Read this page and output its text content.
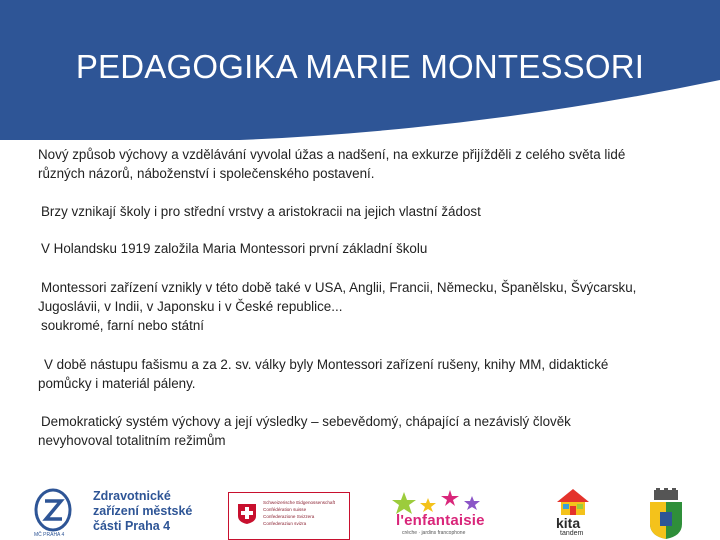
PEDAGOGIKA MARIE MONTESSORI
Nový způsob výchovy a vzdělávání vyvolal úžas a nadšení, na exkurze přijížděli z celého světa lidé
různých názorů, náboženství i společenského postavení.
Brzy vznikají školy i pro střední vrstvy a aristokracii na jejich vlastní žádost
V Holandsku 1919 založila Maria Montessori první základní školu
Montessori zařízení vznikly v této době také v USA, Anglii, Francii, Německu, Španělsku, Švýcarsku,
Jugoslávii, v Indii, v Japonsku i v České republice...
soukromé, farní nebo státní
V době nástupu fašismu a za 2. sv. války byly Montessori zařízení rušeny, knihy MM, didaktické
pomůcky i materiál páleny.
Demokratický systém výchovy a její výsledky – sebevědomý, chápající a nezávislý člověk
nevyhovoval totalitním režimům
MČ PRAHA 4
Zdravotnické
zařízení městské
části Praha 4
Schweizerische Eidgenossenschaft
Confédération suisse
Confederazione Svizzera
Confederaziun svizra	l'enfantaisie
crèche · jardins francophone
kita
tandem
